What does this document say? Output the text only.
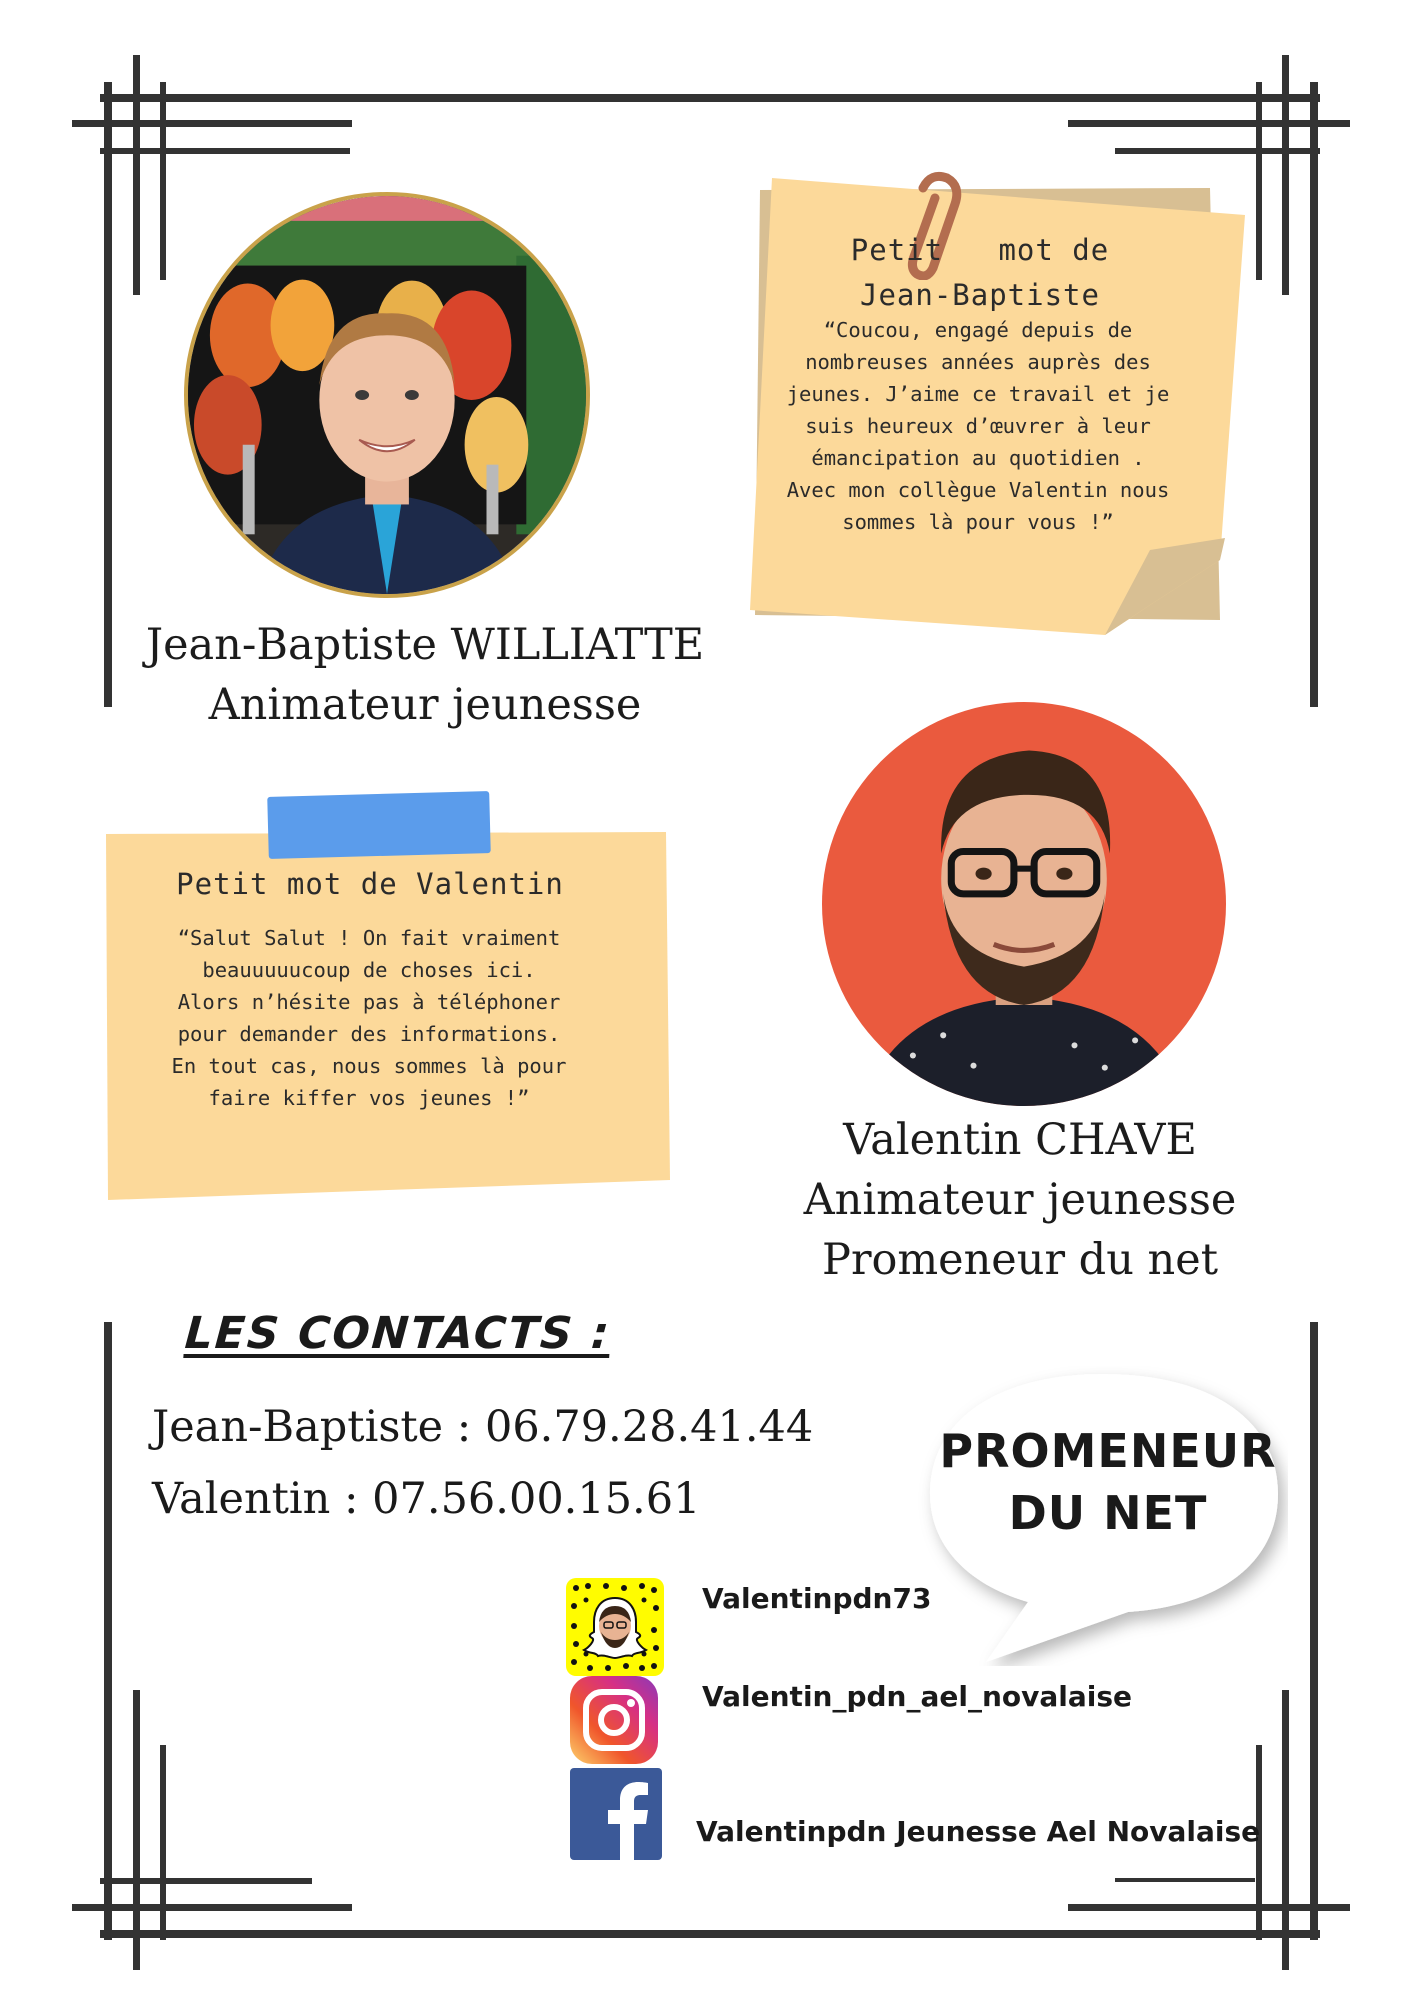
Petit   mot de
Jean-Baptiste
“Coucou, engagé depuis de
nombreuses années auprès des
jeunes. J’aime ce travail et je
suis heureux d’œuvrer à leur
émancipation au quotidien .
Avec mon collègue Valentin nous
sommes là pour vous !”
Jean-Baptiste WILLIATTE
Animateur jeunesse
Petit mot de Valentin
“Salut Salut ! On fait vraiment
beauuuuucoup de choses ici.
Alors n’hésite pas à téléphoner
pour demander des informations.
En tout cas, nous sommes là pour
faire kiffer vos jeunes !”
Valentin CHAVE
Animateur jeunesse
Promeneur du net
LES CONTACTS :
Jean-Baptiste : 06.79.28.41.44
Valentin : 07.56.00.15.61
PROMENEUR
DU NET
Valentinpdn73
Valentin_pdn_ael_novalaise
Valentinpdn Jeunesse Ael Novalaise
